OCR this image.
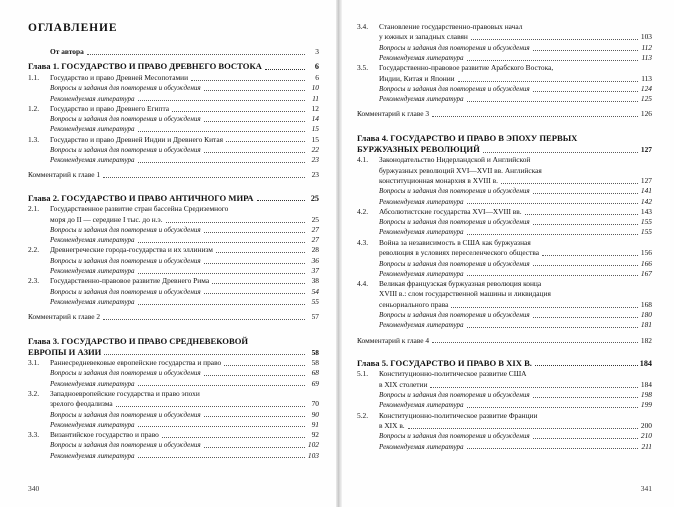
ОГЛАВЛЕНИЕ
От автора	3
Глава 1. ГОСУДАРСТВО И ПРАВО ДРЕВНЕГО ВОСТОКА	6
1.1.	Государство и право Древней Месопотамии	6
Вопросы и задания для повторения и обсуждения	10
Рекомендуемая литература	11
1.2.	Государство и право Древнего Египта	12
Вопросы и задания для повторения и обсуждения	14
Рекомендуемая литература	15
1.3.	Государство и право Древней Индии и Древнего Китая	15
Вопросы и задания для повторения и обсуждения	22
Рекомендуемая литература	23
Комментарий к главе 1	23
Глава 2. ГОСУДАРСТВО И ПРАВО АНТИЧНОГО МИРА	25
2.1.	Государственное развитие стран бассейна Средиземного
моря до II — середине I тыс. до н.э.	25
Вопросы и задания для повторения и обсуждения	27
Рекомендуемая литература	27
2.2.	Древнегреческие города-государства и их эллинизм	28
Вопросы и задания для повторения и обсуждения	36
Рекомендуемая литература	37
2.3.	Государственно-правовое развитие Древнего Рима	38
Вопросы и задания для повторения и обсуждения	54
Рекомендуемая литература	55
Комментарий к главе 2	57
Глава 3. ГОСУДАРСТВО И ПРАВО СРЕДНЕВЕКОВОЙ
ЕВРОПЫ И АЗИИ	58
3.1.	Раннесредневековые европейские государства и право	58
Вопросы и задания для повторения и обсуждения	68
Рекомендуемая литература	69
3.2.	Западноевропейские государства и право эпохи
зрелого феодализма	70
Вопросы и задания для повторения и обсуждения	90
Рекомендуемая литература	91
3.3.	Византийское государство и право	92
Вопросы и задания для повторения и обсуждения	102
Рекомендуемая литература	103
340
3.4.	Становление государственно-правовых начал
у южных и западных славян	103
Вопросы и задания для повторения и обсуждения	112
Рекомендуемая литература	113
3.5.	Государственно-правовое развитие Арабского Востока,
Индии, Китая и Японии	113
Вопросы и задания для повторения и обсуждения	124
Рекомендуемая литература	125
Комментарий к главе 3	126
Глава 4. ГОСУДАРСТВО И ПРАВО В ЭПОХУ ПЕРВЫХ
БУРЖУАЗНЫХ РЕВОЛЮЦИЙ	127
4.1.	Законодательство Нидерландской и Английской
буржуазных революций XVI—XVII вв. Английская
конституционная монархия в XVIII в.	127
Вопросы и задания для повторения и обсуждения	141
Рекомендуемая литература	142
4.2.	Абсолютистские государства XVI—XVIII вв.	143
Вопросы и задания для повторения и обсуждения	155
Рекомендуемая литература	155
4.3.	Война за независимость в США как буржуазная
революция в условиях переселенческого общества	156
Вопросы и задания для повторения и обсуждения	166
Рекомендуемая литература	167
4.4.	Великая французская буржуазная революция конца
XVIII в.: слом государственной машины и ликвидация
сеньориального права	168
Вопросы и задания для повторения и обсуждения	180
Рекомендуемая литература	181
Комментарий к главе 4	182
Глава 5. ГОСУДАРСТВО И ПРАВО В XIX В.	184
5.1.	Конституционно-политическое развитие США
в XIX столетии	184
Вопросы и задания для повторения и обсуждения	198
Рекомендуемая литература	199
5.2.	Конституционно-политическое развитие Франции
в XIX в.	200
Вопросы и задания для повторения и обсуждения	210
Рекомендуемая литература	211
341
